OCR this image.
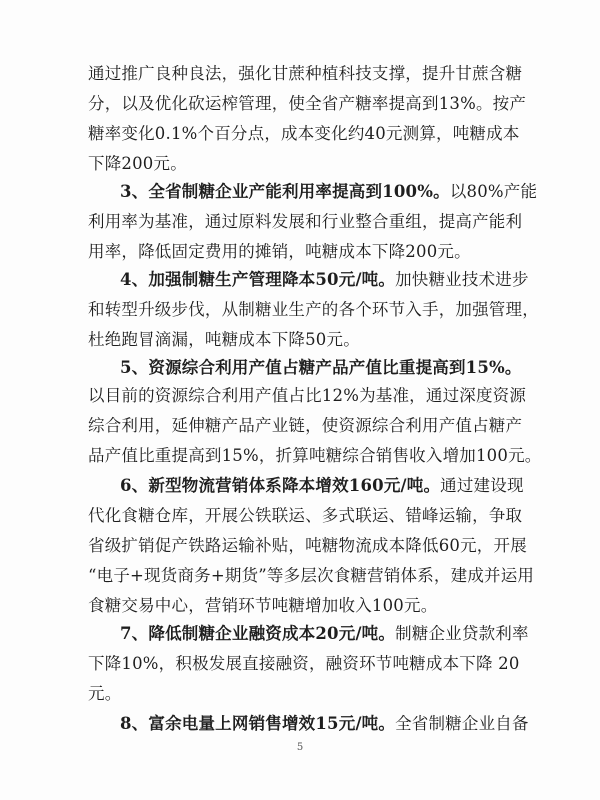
通过推广良种良法，强化甘蔗种植科技支撑，提升甘蔗含糖
分，以及优化砍运榨管理，使全省产糖率提高到13%。按产
糖率变化0.1%个百分点，成本变化约40元测算，吨糖成本
下降200元。
3、全省制糖企业产能利用率提高到100%。以80%产能
利用率为基准，通过原料发展和行业整合重组，提高产能利
用率，降低固定费用的摊销，吨糖成本下降200元。
4、加强制糖生产管理降本50元/吨。加快糖业技术进步
和转型升级步伐，从制糖业生产的各个环节入手，加强管理，
杜绝跑冒滴漏，吨糖成本下降50元。
5、资源综合利用产值占糖产品产值比重提高到15%。
以目前的资源综合利用产值占比12%为基准，通过深度资源
综合利用，延伸糖产品产业链，使资源综合利用产值占糖产
品产值比重提高到15%，折算吨糖综合销售收入增加100元。
6、新型物流营销体系降本增效160元/吨。通过建设现
代化食糖仓库，开展公铁联运、多式联运、错峰运输，争取
省级扩销促产铁路运输补贴，吨糖物流成本降低60元，开展
“电子+现货商务+期货”等多层次食糖营销体系，建成并运用
食糖交易中心，营销环节吨糖增加收入100元。
7、降低制糖企业融资成本20元/吨。制糖企业贷款利率
下降10%，积极发展直接融资，融资环节吨糖成本下降 20
元。
8、富余电量上网销售增效15元/吨。全省制糖企业自备
5
